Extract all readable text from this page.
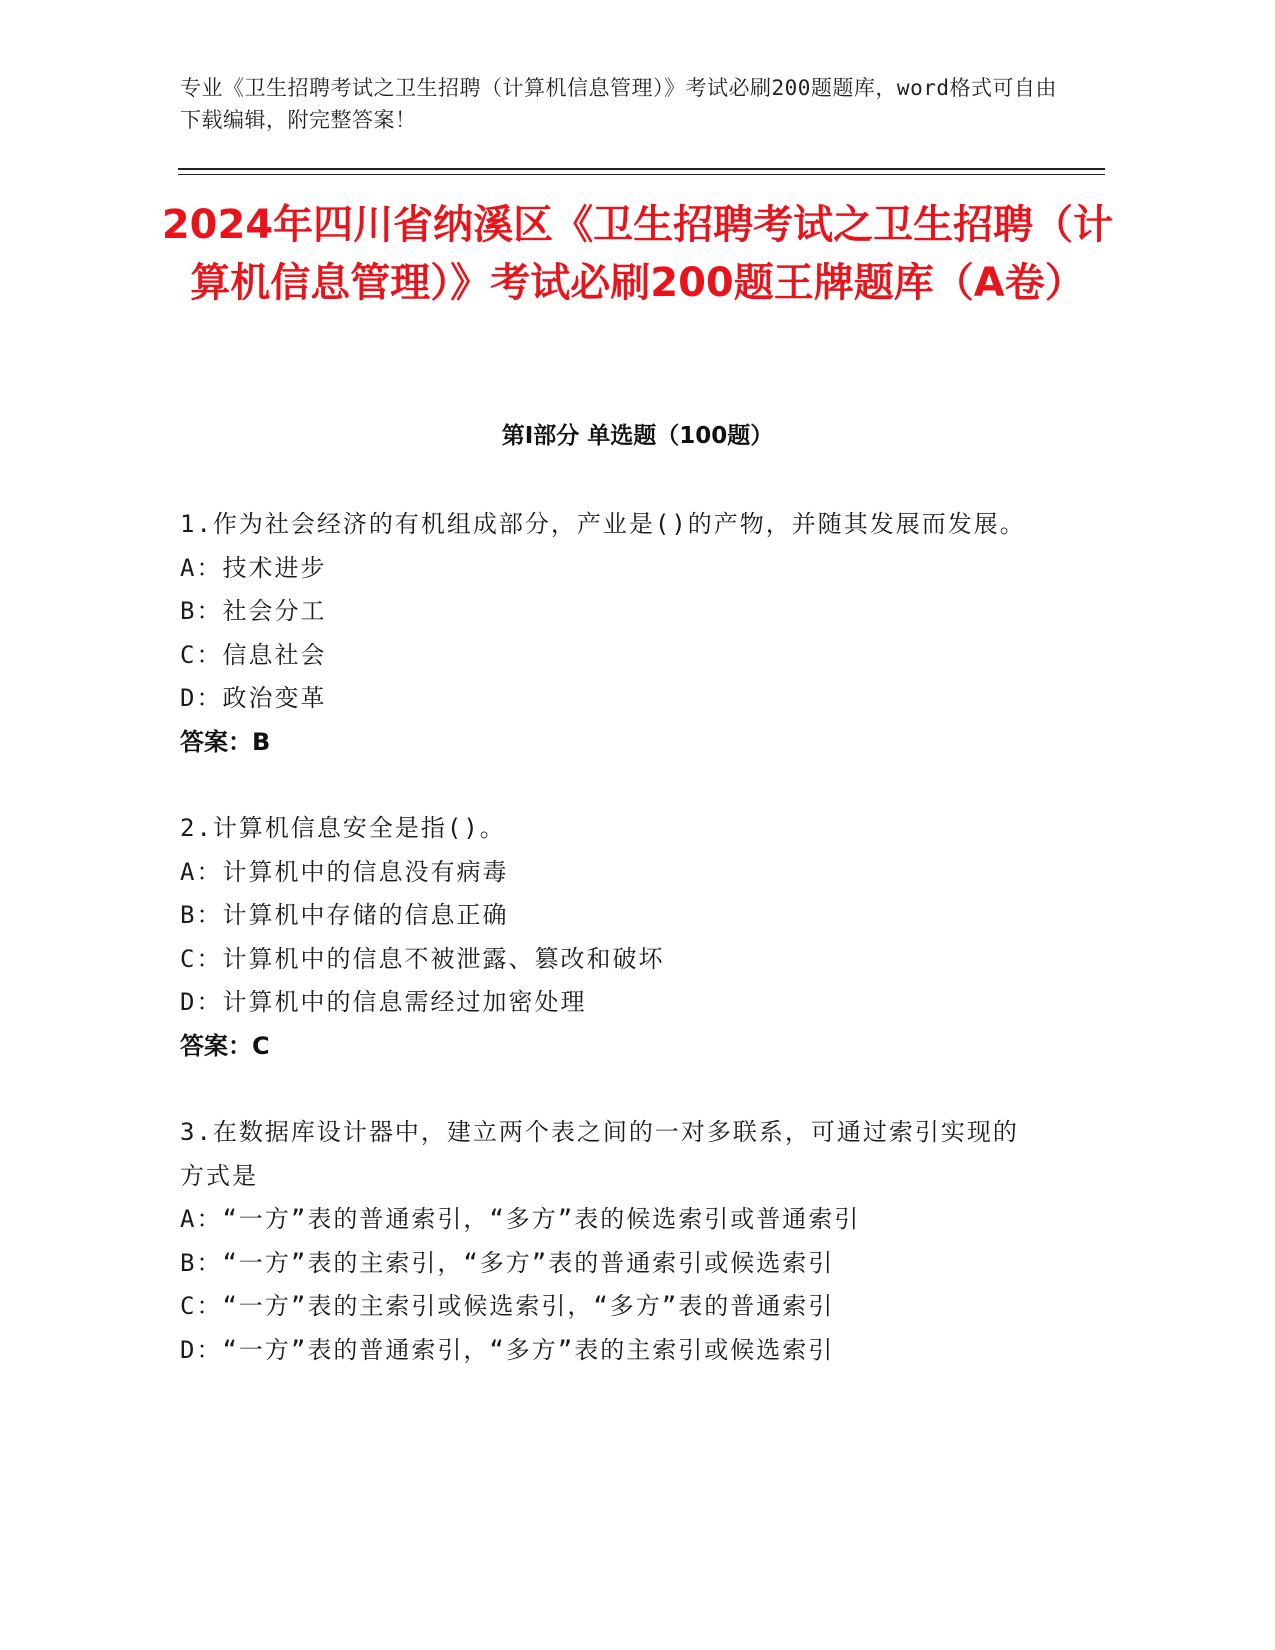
专业《卫生招聘考试之卫生招聘（计算机信息管理）》考试必刷200题题库，word格式可自由下载编辑，附完整答案！
2024年四川省纳溪区《卫生招聘考试之卫生招聘（计算机信息管理）》考试必刷200题王牌题库（A卷）
第Ⅰ部分 单选题（100题）
1.作为社会经济的有机组成部分，产业是()的产物，并随其发展而发展。
A：技术进步
B：社会分工
C：信息社会
D：政治变革
答案：B
2.计算机信息安全是指()。
A：计算机中的信息没有病毒
B：计算机中存储的信息正确
C：计算机中的信息不被泄露、篡改和破坏
D：计算机中的信息需经过加密处理
答案：C
3.在数据库设计器中，建立两个表之间的一对多联系，可通过索引实现的方式是
A：“一方”表的普通索引，“多方”表的候选索引或普通索引
B：“一方”表的主索引，“多方”表的普通索引或候选索引
C：“一方”表的主索引或候选索引，“多方”表的普通索引
D：“一方”表的普通索引，“多方”表的主索引或候选索引
